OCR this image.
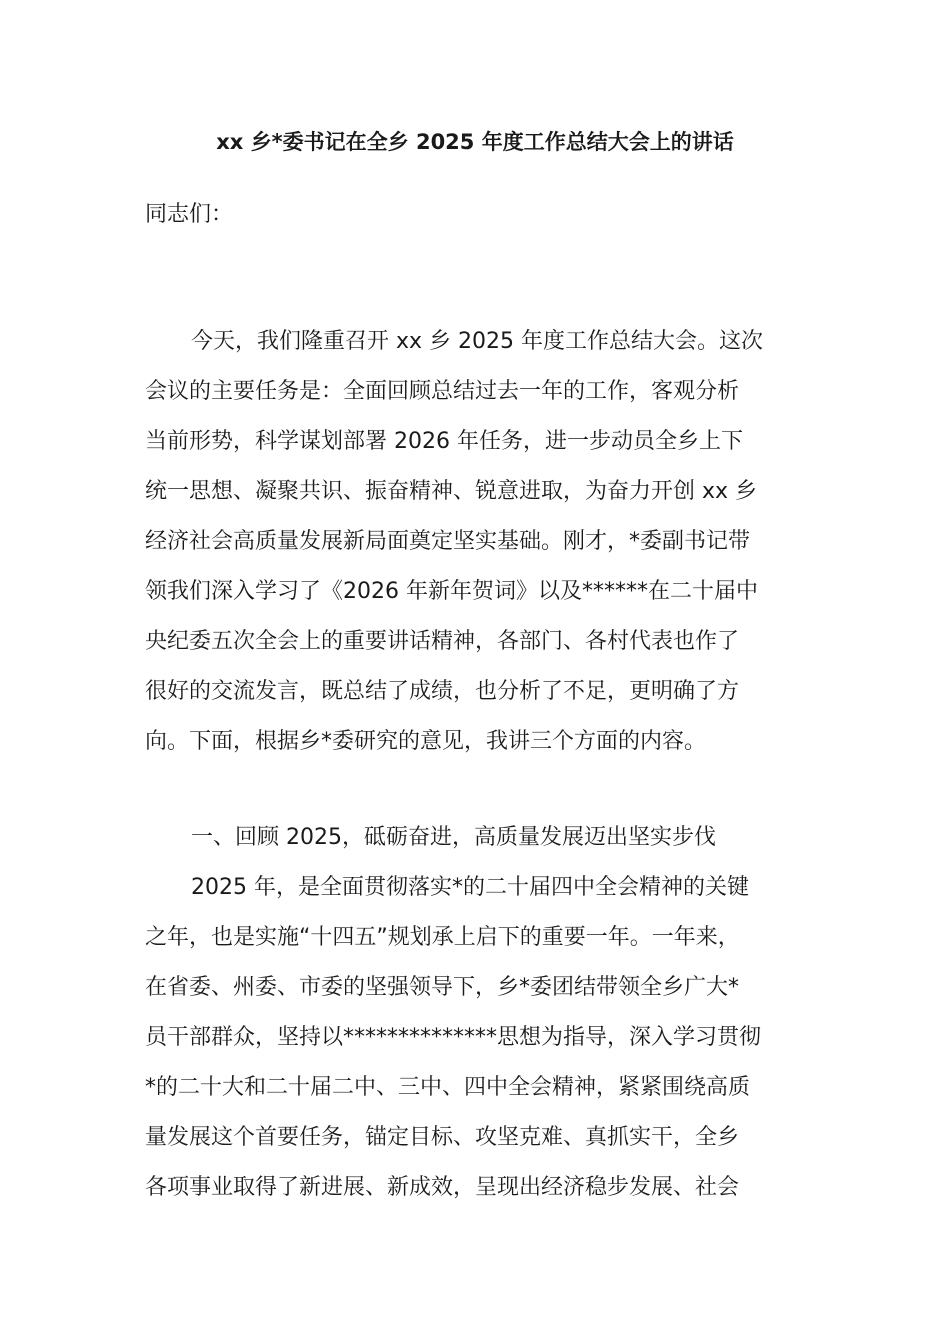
xx 乡*委书记在全乡 2025 年度工作总结大会上的讲话
同志们：
今天，我们隆重召开 xx 乡 2025 年度工作总结大会。这次
会议的主要任务是：全面回顾总结过去一年的工作，客观分析
当前形势，科学谋划部署 2026 年任务，进一步动员全乡上下
统一思想、凝聚共识、振奋精神、锐意进取，为奋力开创 xx 乡
经济社会高质量发展新局面奠定坚实基础。刚才，*委副书记带
领我们深入学习了《2026 年新年贺词》以及******在二十届中
央纪委五次全会上的重要讲话精神，各部门、各村代表也作了
很好的交流发言，既总结了成绩，也分析了不足，更明确了方
向。下面，根据乡*委研究的意见，我讲三个方面的内容。
一、回顾 2025，砥砺奋进，高质量发展迈出坚实步伐
2025 年，是全面贯彻落实*的二十届四中全会精神的关键
之年，也是实施“十四五”规划承上启下的重要一年。一年来，
在省委、州委、市委的坚强领导下，乡*委团结带领全乡广大*
员干部群众，坚持以**************思想为指导，深入学习贯彻
*的二十大和二十届二中、三中、四中全会精神，紧紧围绕高质
量发展这个首要任务，锚定目标、攻坚克难、真抓实干，全乡
各项事业取得了新进展、新成效，呈现出经济稳步发展、社会
